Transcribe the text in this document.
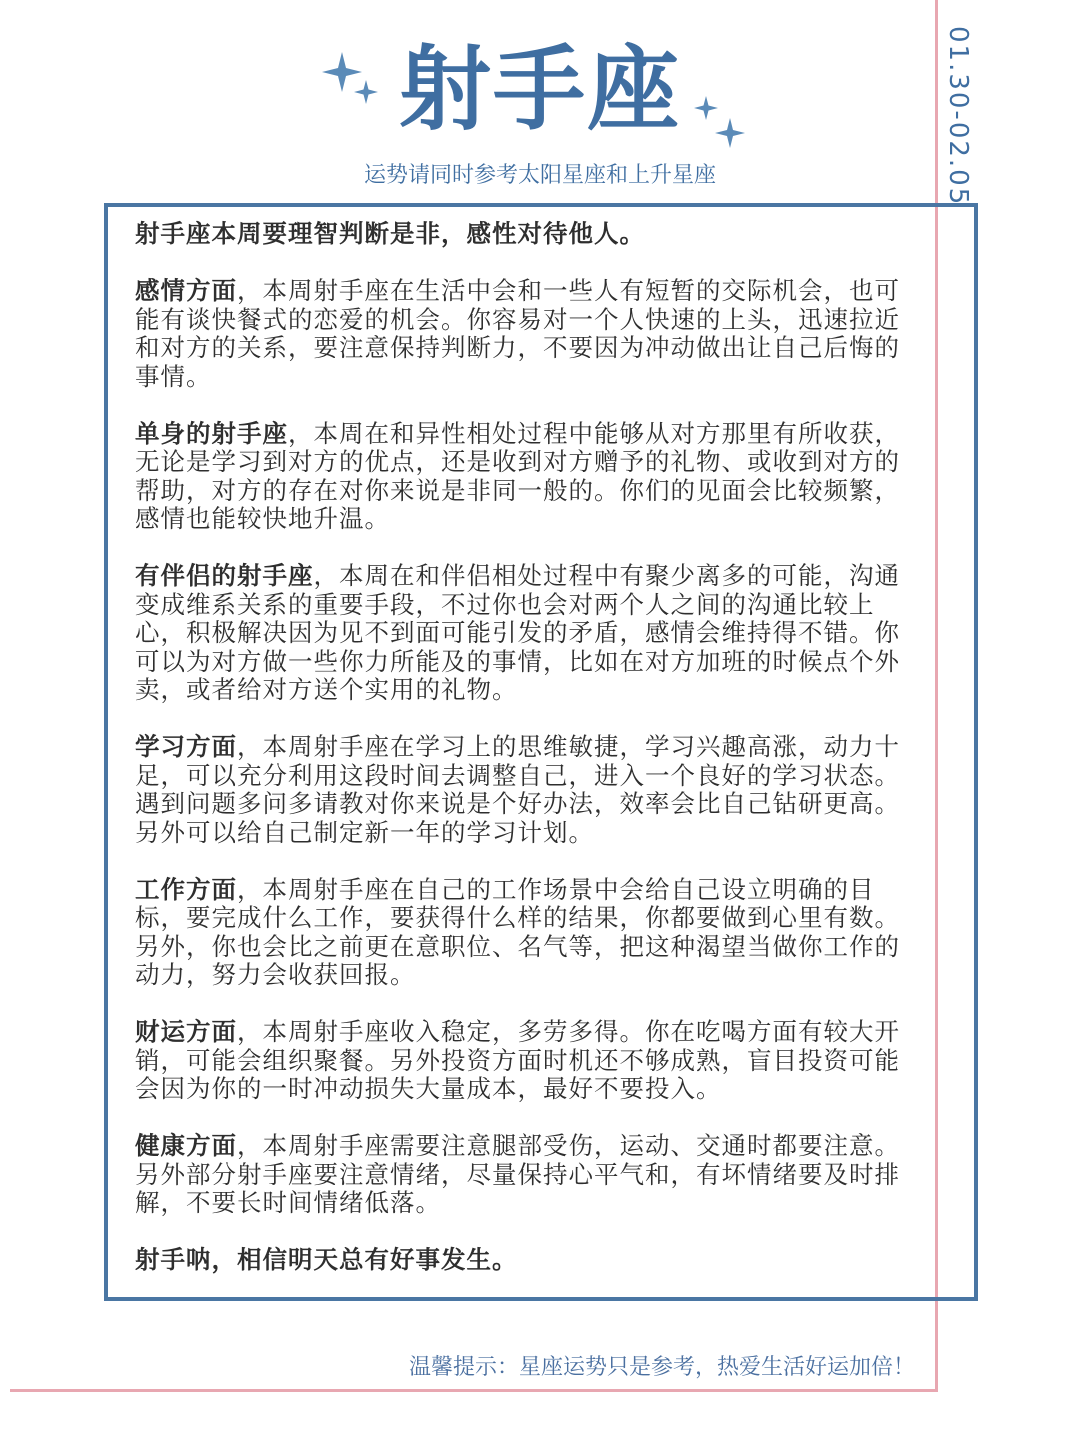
射手座
运势请同时参考太阳星座和上升星座	01.30-02.05

射手座本周要理智判断是非，感性对待他人。

感情方面，本周射手座在生活中会和一些人有短暂的交际机会，也可能有谈快餐式的恋爱的机会。你容易对一个人快速的上头，迅速拉近和对方的关系，要注意保持判断力，不要因为冲动做出让自己后悔的事情。

单身的射手座，本周在和异性相处过程中能够从对方那里有所收获，无论是学习到对方的优点，还是收到对方赠予的礼物、或收到对方的帮助，对方的存在对你来说是非同一般的。你们的见面会比较频繁，感情也能较快地升温。

有伴侣的射手座，本周在和伴侣相处过程中有聚少离多的可能，沟通变成维系关系的重要手段，不过你也会对两个人之间的沟通比较上心，积极解决因为见不到面可能引发的矛盾，感情会维持得不错。你可以为对方做一些你力所能及的事情，比如在对方加班的时候点个外卖，或者给对方送个实用的礼物。

学习方面，本周射手座在学习上的思维敏捷，学习兴趣高涨，动力十足，可以充分利用这段时间去调整自己，进入一个良好的学习状态。遇到问题多问多请教对你来说是个好办法，效率会比自己钻研更高。另外可以给自己制定新一年的学习计划。

工作方面，本周射手座在自己的工作场景中会给自己设立明确的目标，要完成什么工作，要获得什么样的结果，你都要做到心里有数。另外，你也会比之前更在意职位、名气等，把这种渴望当做你工作的动力，努力会收获回报。

财运方面，本周射手座收入稳定，多劳多得。你在吃喝方面有较大开销，可能会组织聚餐。另外投资方面时机还不够成熟，盲目投资可能会因为你的一时冲动损失大量成本，最好不要投入。

健康方面，本周射手座需要注意腿部受伤，运动、交通时都要注意。另外部分射手座要注意情绪，尽量保持心平气和，有坏情绪要及时排解，不要长时间情绪低落。

射手呐，相信明天总有好事发生。

温馨提示：星座运势只是参考，热爱生活好运加倍！
